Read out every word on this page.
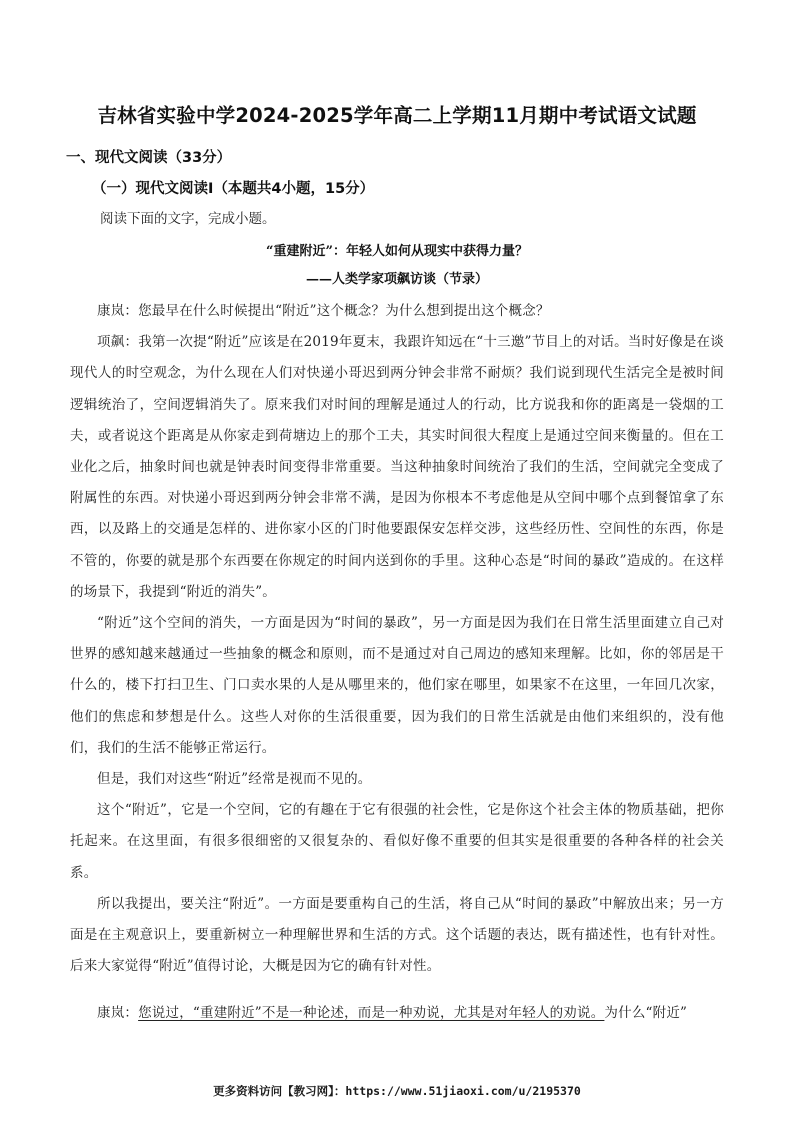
吉林省实验中学2024-2025学年高二上学期11月期中考试语文试题
一、现代文阅读（33分）
（一）现代文阅读Ⅰ（本题共4小题，15分）
阅读下面的文字，完成小题。
“重建附近”：年轻人如何从现实中获得力量？
——人类学家项飙访谈（节录）

康岚：您最早在什么时候提出“附近”这个概念？为什么想到提出这个概念？

项飙：我第一次提“附近”应该是在2019年夏末，我跟许知远在“十三邀”节目上的对话。当时好像是在谈现代人的时空观念，为什么现在人们对快递小哥迟到两分钟会非常不耐烦？我们说到现代生活完全是被时间逻辑统治了，空间逻辑消失了。原来我们对时间的理解是通过人的行动，比方说我和你的距离是一袋烟的工夫，或者说这个距离是从你家走到荷塘边上的那个工夫，其实时间很大程度上是通过空间来衡量的。但在工业化之后，抽象时间也就是钟表时间变得非常重要。当这种抽象时间统治了我们的生活，空间就完全变成了附属性的东西。对快递小哥迟到两分钟会非常不满，是因为你根本不考虑他是从空间中哪个点到餐馆拿了东西，以及路上的交通是怎样的、进你家小区的门时他要跟保安怎样交涉，这些经历性、空间性的东西，你是不管的，你要的就是那个东西要在你规定的时间内送到你的手里。这种心态是“时间的暴政”造成的。在这样的场景下，我提到“附近的消失”。

“附近”这个空间的消失，一方面是因为“时间的暴政”，另一方面是因为我们在日常生活里面建立自己对世界的感知越来越通过一些抽象的概念和原则，而不是通过对自己周边的感知来理解。比如，你的邻居是干什么的，楼下打扫卫生、门口卖水果的人是从哪里来的，他们家在哪里，如果家不在这里，一年回几次家，他们的焦虑和梦想是什么。这些人对你的生活很重要，因为我们的日常生活就是由他们来组织的，没有他们，我们的生活不能够正常运行。

但是，我们对这些“附近”经常是视而不见的。

这个“附近”，它是一个空间，它的有趣在于它有很强的社会性，它是你这个社会主体的物质基础，把你托起来。在这里面，有很多很细密的又很复杂的、看似好像不重要的但其实是很重要的各种各样的社会关系。

所以我提出，要关注“附近”。一方面是要重构自己的生活，将自己从“时间的暴政”中解放出来；另一方面是在主观意识上，要重新树立一种理解世界和生活的方式。这个话题的表达，既有描述性，也有针对性。后来大家觉得“附近”值得讨论，大概是因为它的确有针对性。

康岚：您说过，“重建附近”不是一种论述，而是一种劝说，尤其是对年轻人的劝说。为什么“附近”

更多资料访问【教习网】：https://www.51jiaoxi.com/u/2195370
